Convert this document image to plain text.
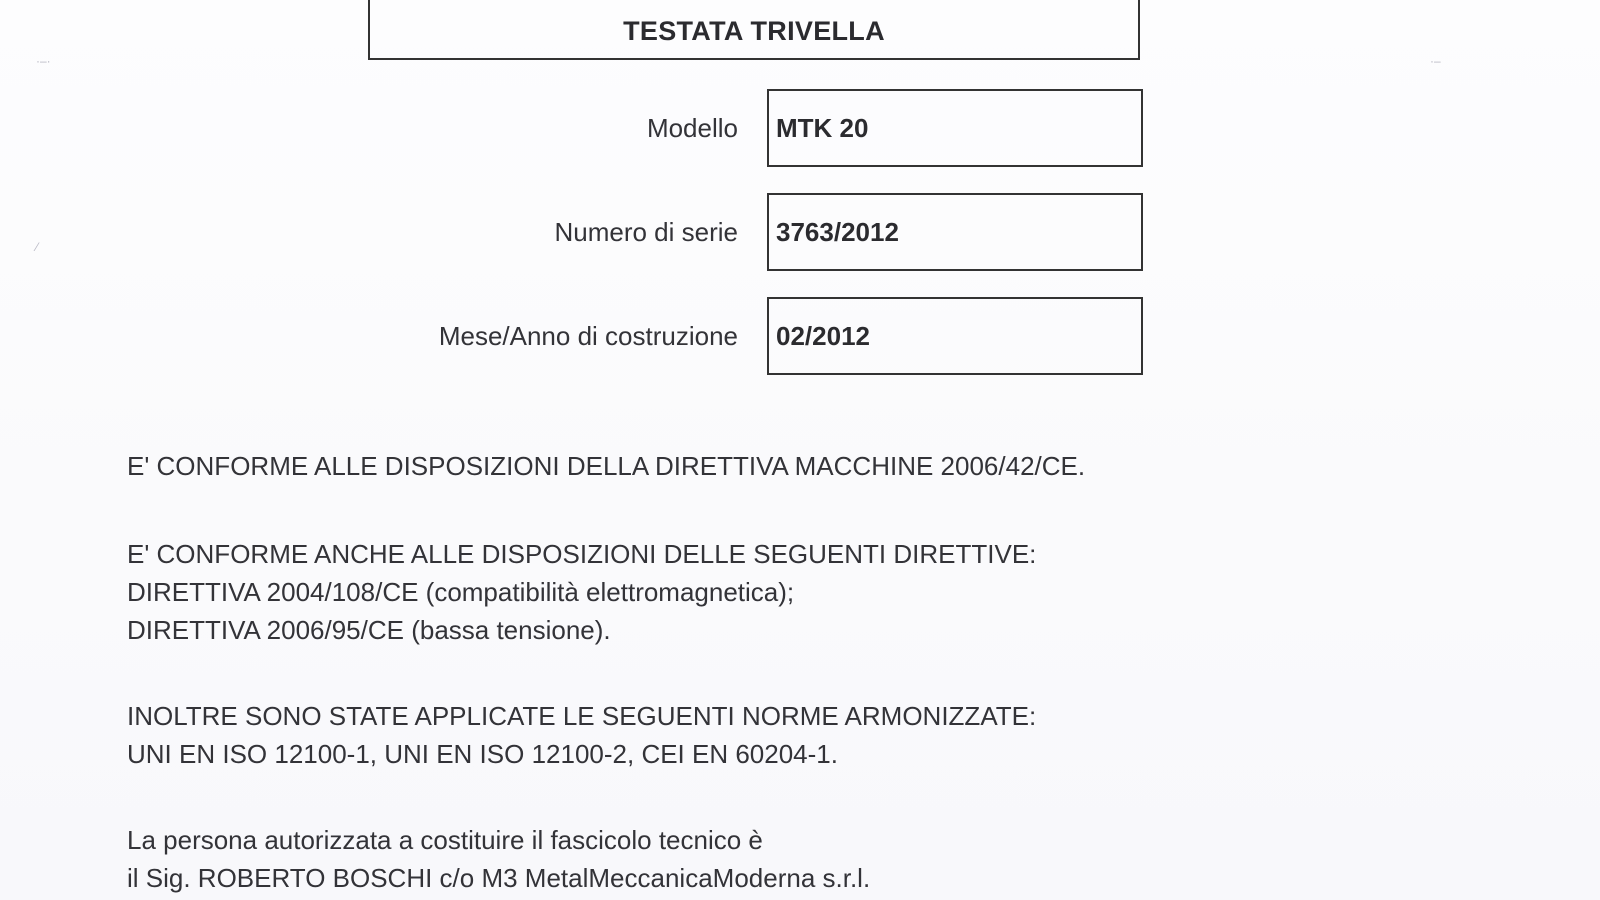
TESTATA TRIVELLA
Modello MTK 20
Numero di serie 3763/2012
Mese/Anno di costruzione 02/2012
E' CONFORME ALLE DISPOSIZIONI DELLA DIRETTIVA MACCHINE 2006/42/CE.
E' CONFORME ANCHE ALLE DISPOSIZIONI DELLE SEGUENTI DIRETTIVE:
DIRETTIVA 2004/108/CE (compatibilità elettromagnetica);
DIRETTIVA 2006/95/CE (bassa tensione).
INOLTRE SONO STATE APPLICATE LE SEGUENTI NORME ARMONIZZATE:
UNI EN ISO 12100-1, UNI EN ISO 12100-2, CEI EN 60204-1.
La persona autorizzata a costituire il fascicolo tecnico è
il Sig. ROBERTO BOSCHI c/o M3 MetalMeccanicaModerna s.r.l.
·–·	·–
⁄
